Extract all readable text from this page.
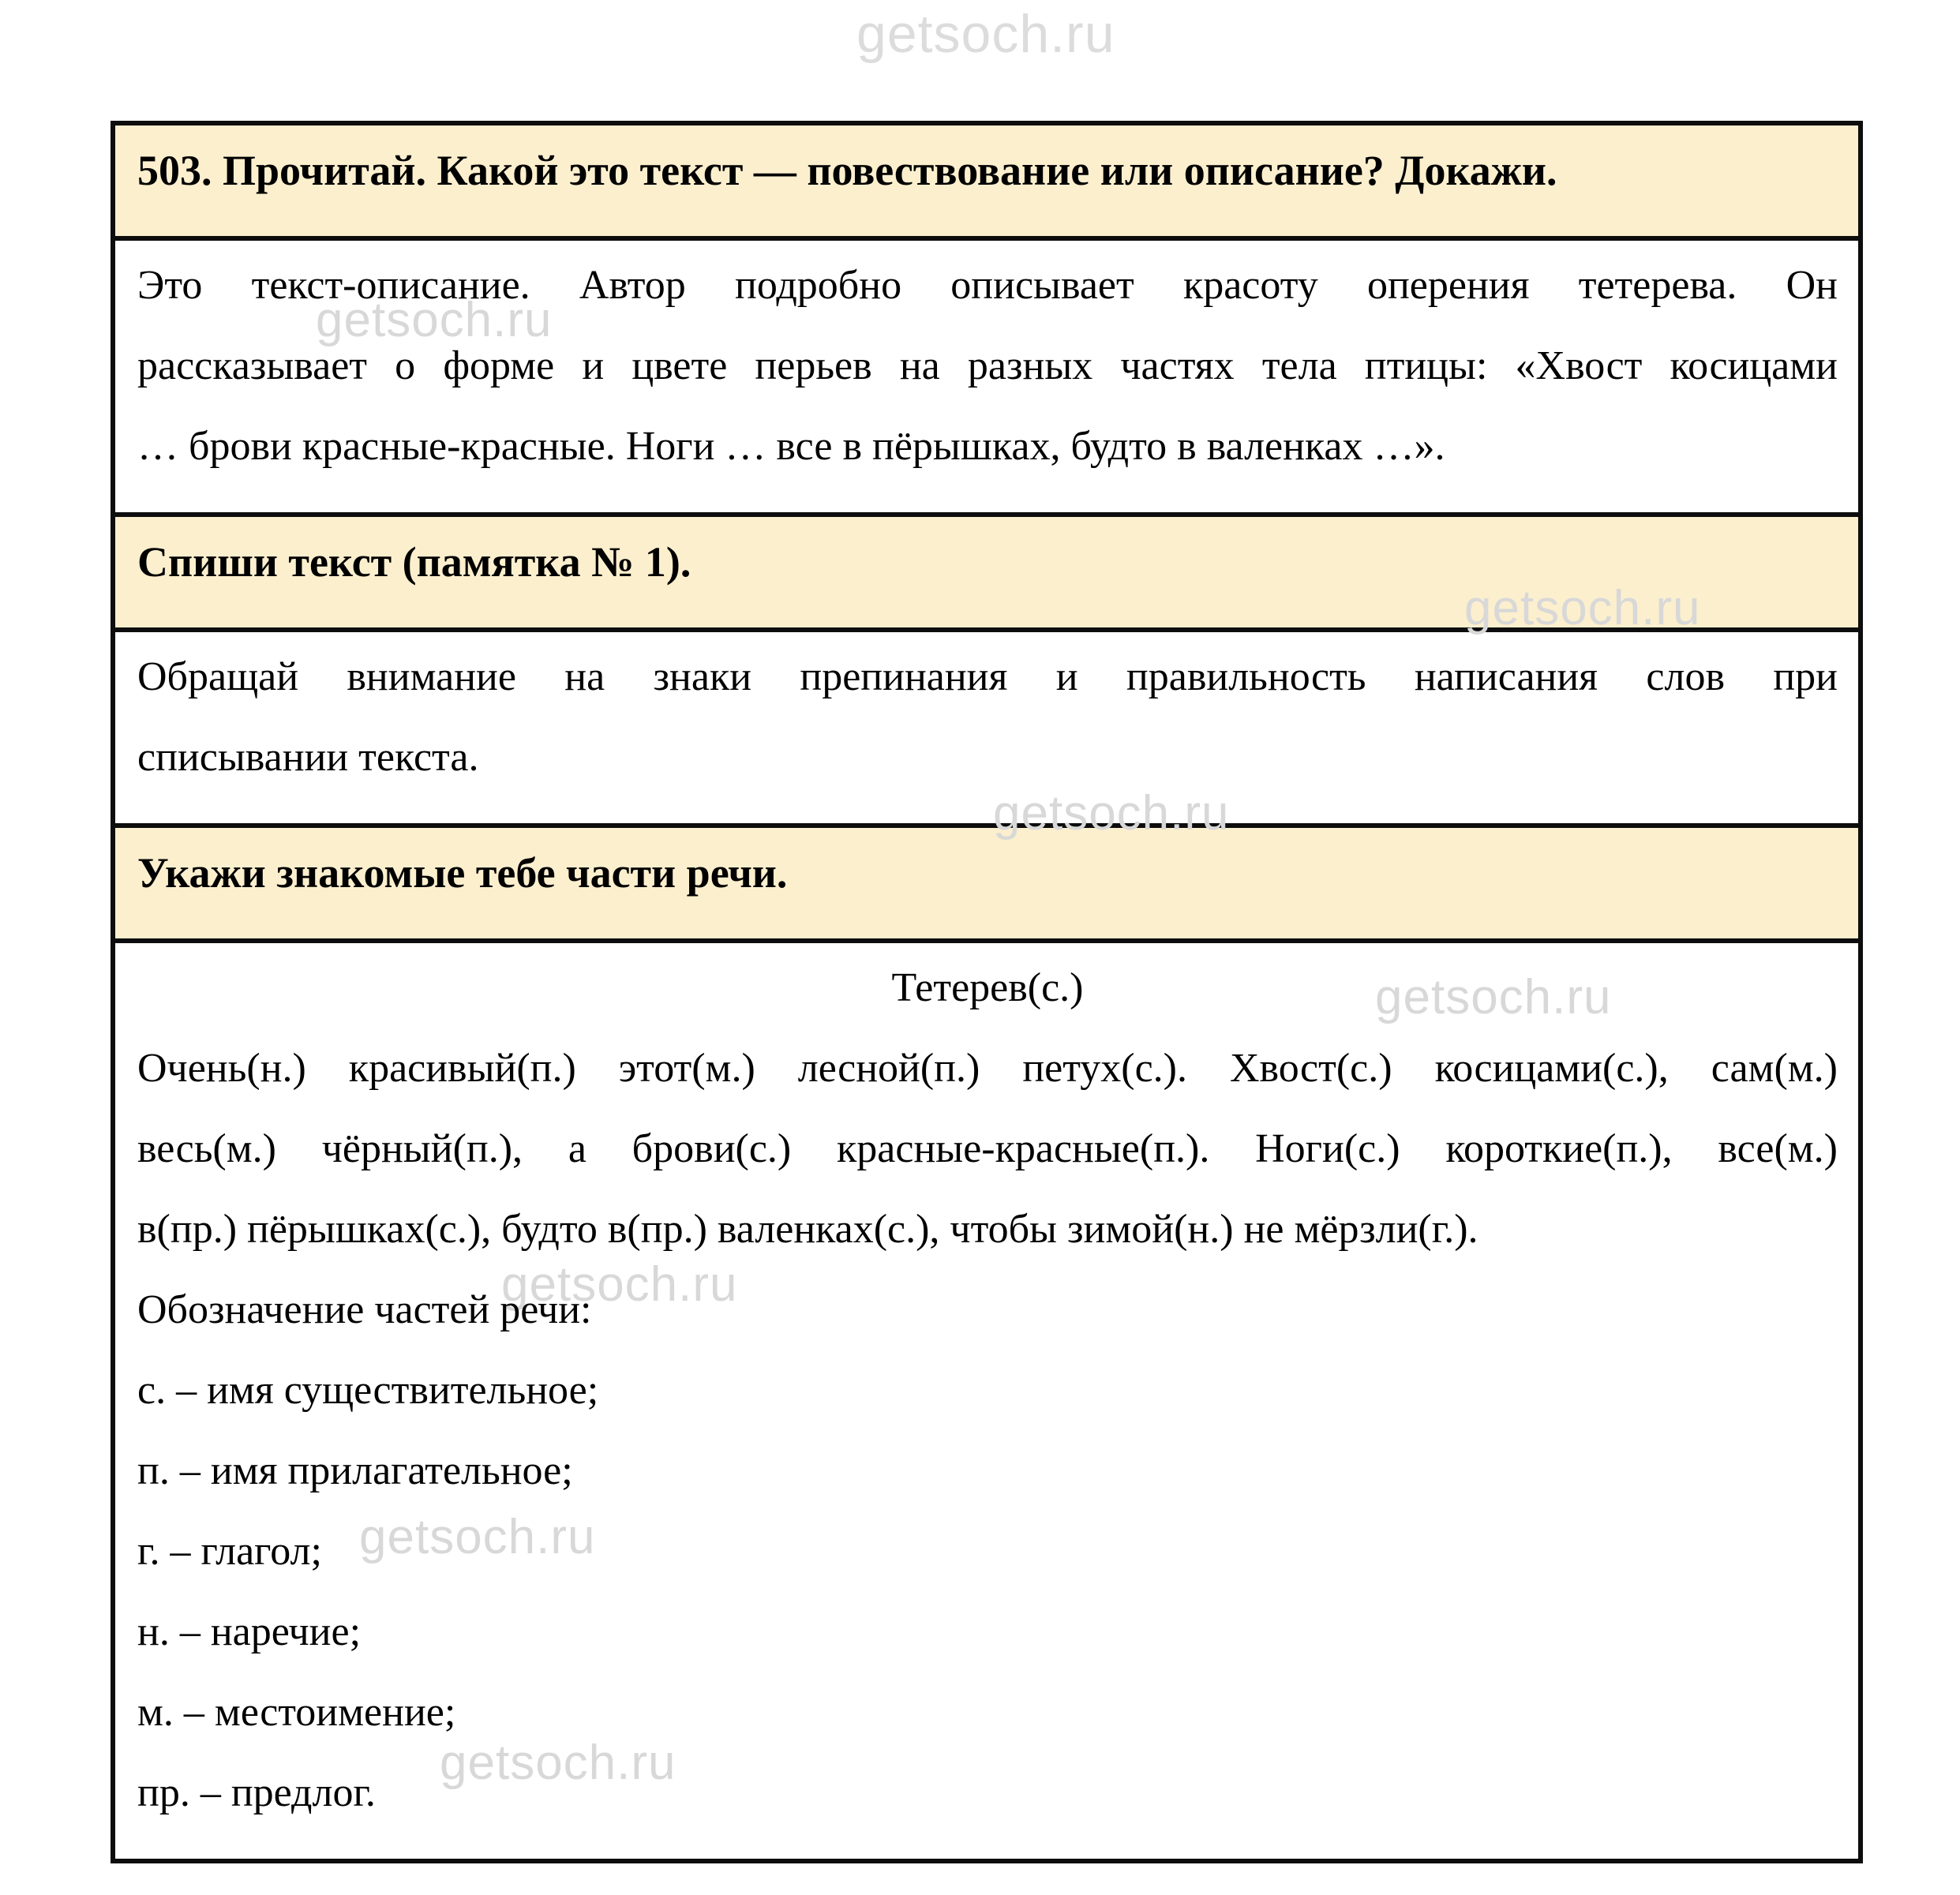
getsoch.ru
getsoch.ru
getsoch.ru
getsoch.ru
getsoch.ru
getsoch.ru
getsoch.ru
getsoch.ru
503. Прочитай. Какой это текст — повествование или описание? Докажи.
Это текст-описание. Автор подробно описывает красоту оперения тетерева. Он
рассказывает о форме и цвете перьев на разных частях тела птицы: «Хвост косицами
… брови красные-красные. Ноги … все в пёрышках, будто в валенках …».
Спиши текст (памятка № 1).
Обращай внимание на знаки препинания и правильность написания слов при
списывании текста.
Укажи знакомые тебе части речи.
Тетерев(с.)
Очень(н.) красивый(п.) этот(м.) лесной(п.) петух(с.). Хвост(с.) косицами(с.), сам(м.)
весь(м.) чёрный(п.), а брови(с.) красные-красные(п.). Ноги(с.) короткие(п.), все(м.)
в(пр.) пёрышках(с.), будто в(пр.) валенках(с.), чтобы зимой(н.) не мёрзли(г.).
Обозначение частей речи:
с. – имя существительное;
п. – имя прилагательное;
г. – глагол;
н. – наречие;
м. – местоимение;
пр. – предлог.
